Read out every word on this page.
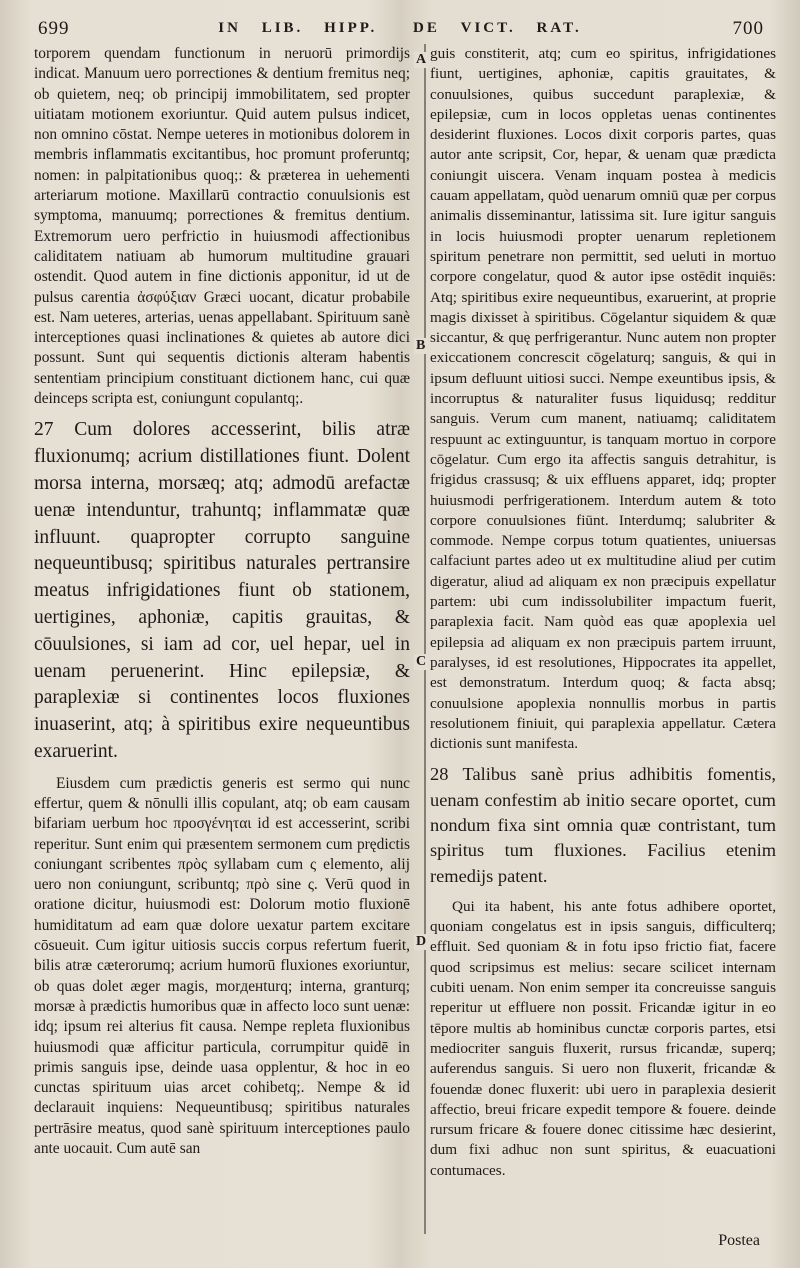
699	IN LIB. HIPP. DE VICT. RAT.	700

torporem quendam functionum in neruorū primordijs indicat. Manuum uero porrectiones & dentium fremitus neq; ob quietem, neq; ob principij immobilitatem, sed propter uitiatam motionem exoriuntur. Quid autem pulsus indicet, non omnino cōstat. Nempe ueteres in motionibus dolorem in membris inflammatis excitantibus, hoc promunt proferuntq; nomen: in palpitationibus quoq;: & præterea in uehementi arteriarum motione. Maxillarū contractio conuulsionis est symptoma, manuumq; porrectiones & fremitus dentium. Extremorum uero perfrictio in huiusmodi affectionibus caliditatem natiuam ab humorum multitudine grauari ostendit. Quod autem in fine dictionis apponitur, id ut de pulsus carentia ἀσφύξιαν Græci uocant, dicatur probabile est. Nam ueteres, arterias, uenas appellabant. Spirituum sanè interceptiones quasi inclinationes & quietes ab autore dici possunt. Sunt qui sequentis dictionis alteram habentis sententiam principium constituant dictionem hanc, cui quæ deinceps scripta est, coniungunt copulantq;.

27 Cum dolores accesserint, bilis atræ fluxionumq; acrium distillationes fiunt. Dolent morsa interna, morsæq; atq; admodū arefactæ uenæ intenduntur, trahuntq; inflammatæ quæ influunt. quapropter corrupto sanguine nequeuntibusq; spiritibus naturales pertransire meatus infrigidationes fiunt ob stationem, uertigines, aphoniæ, capitis grauitas, & cōuulsiones, si iam ad cor, uel hepar, uel in uenam peruenerint. Hinc epilepsiæ, & paraplexiæ si continentes locos fluxiones inuaserint, atq; à spiritibus exire nequeuntibus exaruerint.

Eiusdem cum prædictis generis est sermo qui nunc effertur, quem & nōnulli illis copulant, atq; ob eam causam bifariam uerbum hoc προσγένηται id est accesserint, scribi reperitur. Sunt enim qui præsentem sermonem cum prędictis coniungant scribentes πρὸς syllabam cum ς elemento, alij uero non coniungunt, scribuntq; πρὸ sine ς. Verū quod in oratione dicitur, huiusmodi est: Dolorum motio fluxionē humiditatum ad eam quæ dolore uexatur partem excitare cōsueuit. Cum igitur uitiosis succis corpus refertum fuerit, bilis atræ cæterorumq; acrium humorū fluxiones exoriuntur, ob quas dolet æger magis, morденturq; interna, granturq; morsæ à prædictis humoribus quæ in affecto loco sunt uenæ: idq; ipsum rei alterius fit causa. Nempe repleta fluxionibus huiusmodi quæ afficitur particula, corrumpitur quidē in primis sanguis ipse, deinde uasa opplentur, & hoc in eo cunctas spirituum uias arcet cohibetq;. Nempe & id declarauit inquiens: Nequeuntibusq; spiritibus naturales pertrāsire meatus, quod sanè spirituum interceptiones paulo ante uocauit. Cum autē san

A
B
C
D

guis constiterit, atq; cum eo spiritus, infrigidationes fiunt, uertigines, aphoniæ, capitis grauitates, & conuulsiones, quibus succedunt paraplexiæ, & epilepsiæ, cum in locos oppletas uenas continentes desiderint fluxiones. Locos dixit corporis partes, quas autor ante scripsit, Cor, hepar, & uenam quæ prædicta coniungit uiscera. Venam inquam postea à medicis cauam appellatam, quòd uenarum omniū quæ per corpus animalis disseminantur, latissima sit. Iure igitur sanguis in locis huiusmodi propter uenarum repletionem spiritum penetrare non permittit, sed ueluti in mortuo corpore congelatur, quod & autor ipse ostēdit inquiēs: Atq; spiritibus exire nequeuntibus, exaruerint, at proprie magis dixisset à spiritibus. Cōgelantur siquidem & quæ siccantur, & quę perfrigerantur. Nunc autem non propter exiccationem concrescit cōgelaturq; sanguis, & qui in ipsum defluunt uitiosi succi. Nempe exeuntibus ipsis, & incorruptus & naturaliter fusus liquidusq; redditur sanguis. Verum cum manent, natiuamq; caliditatem respuunt ac extinguuntur, is tanquam mortuo in corpore cōgelatur. Cum ergo ita affectis sanguis detrahitur, is frigidus crassusq; & uix effluens apparet, idq; propter huiusmodi perfrigerationem. Interdum autem & toto corpore conuulsiones fiūnt. Interdumq; salubriter & commode. Nempe corpus totum quatientes, uniuersas calfaciunt partes adeo ut ex multitudine aliud per cutim digeratur, aliud ad aliquam ex non præcipuis expellatur partem: ubi cum indissolubiliter impactum fuerit, paraplexia facit. Nam quòd eas quæ apoplexia uel epilepsia ad aliquam ex non præcipuis partem irruunt, paralyses, id est resolutiones, Hippocrates ita appellet, est demonstratum. Interdum quoq; & facta absq; conuulsione apoplexia nonnullis morbus in partis resolutionem finiuit, qui paraplexia appellatur. Cætera dictionis sunt manifesta.

28 Talibus sanè prius adhibitis fomentis, uenam confestim ab initio secare oportet, cum nondum fixa sint omnia quæ contristant, tum spiritus tum fluxiones. Facilius etenim remedijs patent.

Qui ita habent, his ante fotus adhibere oportet, quoniam congelatus est in ipsis sanguis, difficulterq; effluit. Sed quoniam & in fotu ipso frictio fiat, facere quod scripsimus est melius: secare scilicet internam cubiti uenam. Non enim semper ita concreuisse sanguis reperitur ut effluere non possit. Fricandæ igitur in eo tēpore multis ab hominibus cunctæ corporis partes, etsi mediocriter sanguis fluxerit, rursus fricandæ, superq; auferendus sanguis. Si uero non fluxerit, fricandæ & fouendæ donec fluxerit: ubi uero in paraplexia desierit affectio, breui fricare expedit tempore & fouere. deinde rursum fricare & fouere donec citissime hæc desierint, dum fixi adhuc non sunt spiritus, & euacuationi contumaces.

Postea
